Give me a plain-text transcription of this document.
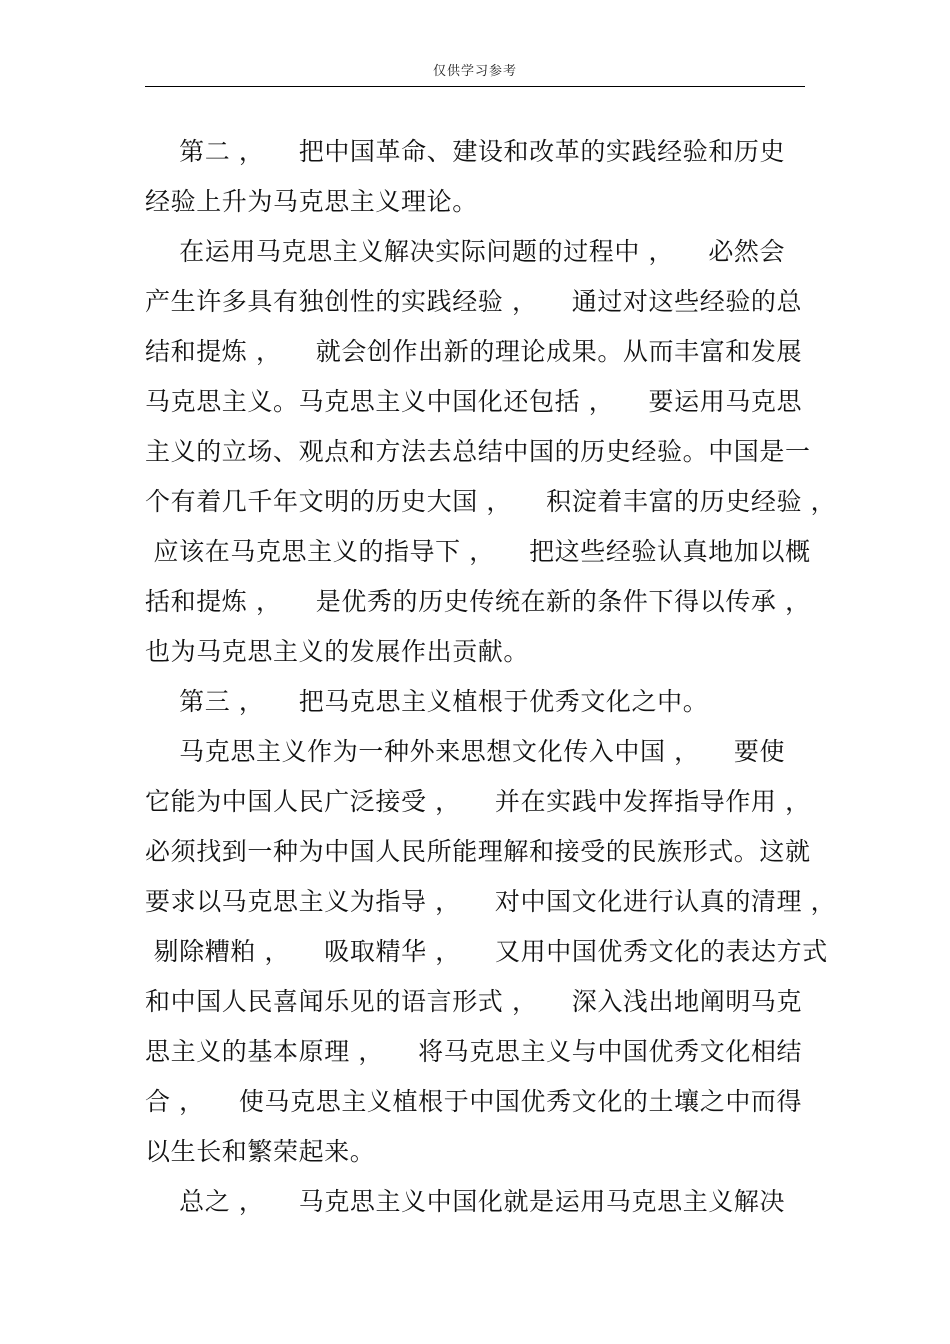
仅供学习参考
第二 ，    把中国革命、建设和改革的实践经验和历史
经验上升为马克思主义理论。
在运用马克思主义解决实际问题的过程中 ，    必然会
产生许多具有独创性的实践经验 ，    通过对这些经验的总
结和提炼 ，    就会创作出新的理论成果。从而丰富和发展
马克思主义。马克思主义中国化还包括 ，    要运用马克思
主义的立场、观点和方法去总结中国的历史经验。中国是一
个有着几千年文明的历史大国 ，    积淀着丰富的历史经验 ，
应该在马克思主义的指导下 ，    把这些经验认真地加以概
括和提炼 ，    是优秀的历史传统在新的条件下得以传承 ，
也为马克思主义的发展作出贡献。
第三 ，    把马克思主义植根于优秀文化之中。
马克思主义作为一种外来思想文化传入中国 ，    要使
它能为中国人民广泛接受 ，    并在实践中发挥指导作用 ，
必须找到一种为中国人民所能理解和接受的民族形式。这就
要求以马克思主义为指导 ，    对中国文化进行认真的清理 ，
剔除糟粕 ，    吸取精华 ，    又用中国优秀文化的表达方式
和中国人民喜闻乐见的语言形式 ，    深入浅出地阐明马克
思主义的基本原理 ，    将马克思主义与中国优秀文化相结
合 ，    使马克思主义植根于中国优秀文化的土壤之中而得
以生长和繁荣起来。
总之 ，    马克思主义中国化就是运用马克思主义解决
